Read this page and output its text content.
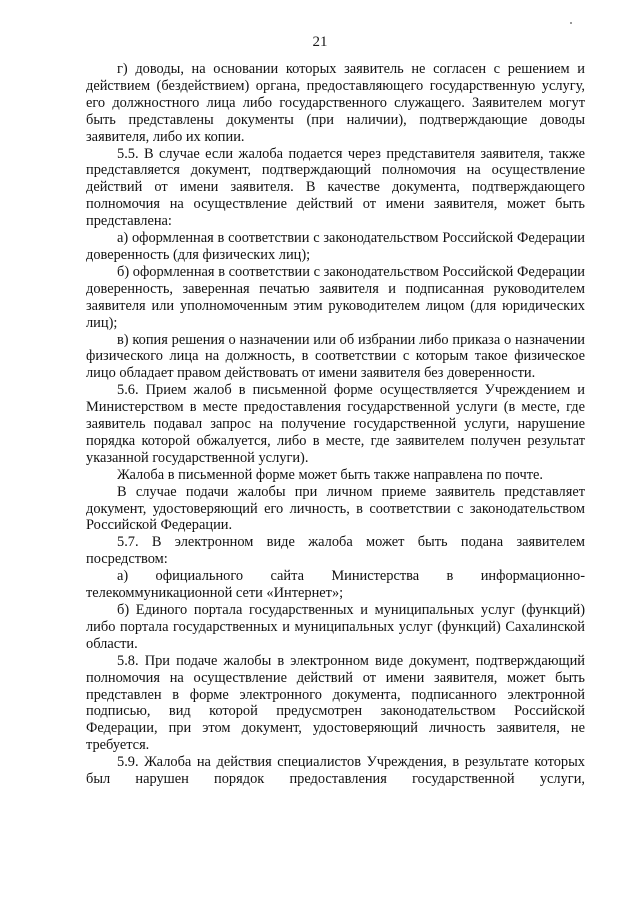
21

г) доводы, на основании которых заявитель не согласен с решением и действием (бездействием) органа, предоставляющего государственную услугу, его должностного лица либо государственного служащего. Заявителем могут быть представлены документы (при наличии), подтверждающие доводы заявителя, либо их копии.

5.5. В случае если жалоба подается через представителя заявителя, также представляется документ, подтверждающий полномочия на осуществление действий от имени заявителя. В качестве документа, подтверждающего полномочия на осуществление действий от имени заявителя, может быть представлена:

а) оформленная в соответствии с законодательством Российской Федерации доверенность (для физических лиц);

б) оформленная в соответствии с законодательством Российской Федерации доверенность, заверенная печатью заявителя и подписанная руководителем заявителя или уполномоченным этим руководителем лицом (для юридических лиц);

в) копия решения о назначении или об избрании либо приказа о назначении физического лица на должность, в соответствии с которым такое физическое лицо обладает правом действовать от имени заявителя без доверенности.

5.6. Прием жалоб в письменной форме осуществляется Учреждением и Министерством в месте предоставления государственной услуги (в месте, где заявитель подавал запрос на получение государственной услуги, нарушение порядка которой обжалуется, либо в месте, где заявителем получен результат указанной государственной услуги).

Жалоба в письменной форме может быть также направлена по почте.

В случае подачи жалобы при личном приеме заявитель представляет документ, удостоверяющий его личность, в соответствии с законодательством Российской Федерации.

5.7. В электронном виде жалоба может быть подана заявителем посредством:

а) официального сайта Министерства в информационно-телекоммуникационной сети «Интернет»;

б) Единого портала государственных и муниципальных услуг (функций) либо портала государственных и муниципальных услуг (функций) Сахалинской области.

5.8. При подаче жалобы в электронном виде документ, подтверждающий полномочия на осуществление действий от имени заявителя, может быть представлен в форме электронного документа, подписанного электронной подписью, вид которой предусмотрен законодательством Российской Федерации, при этом документ, удостоверяющий личность заявителя, не требуется.

5.9. Жалоба на действия специалистов Учреждения, в результате которых был нарушен порядок предоставления государственной услуги,
